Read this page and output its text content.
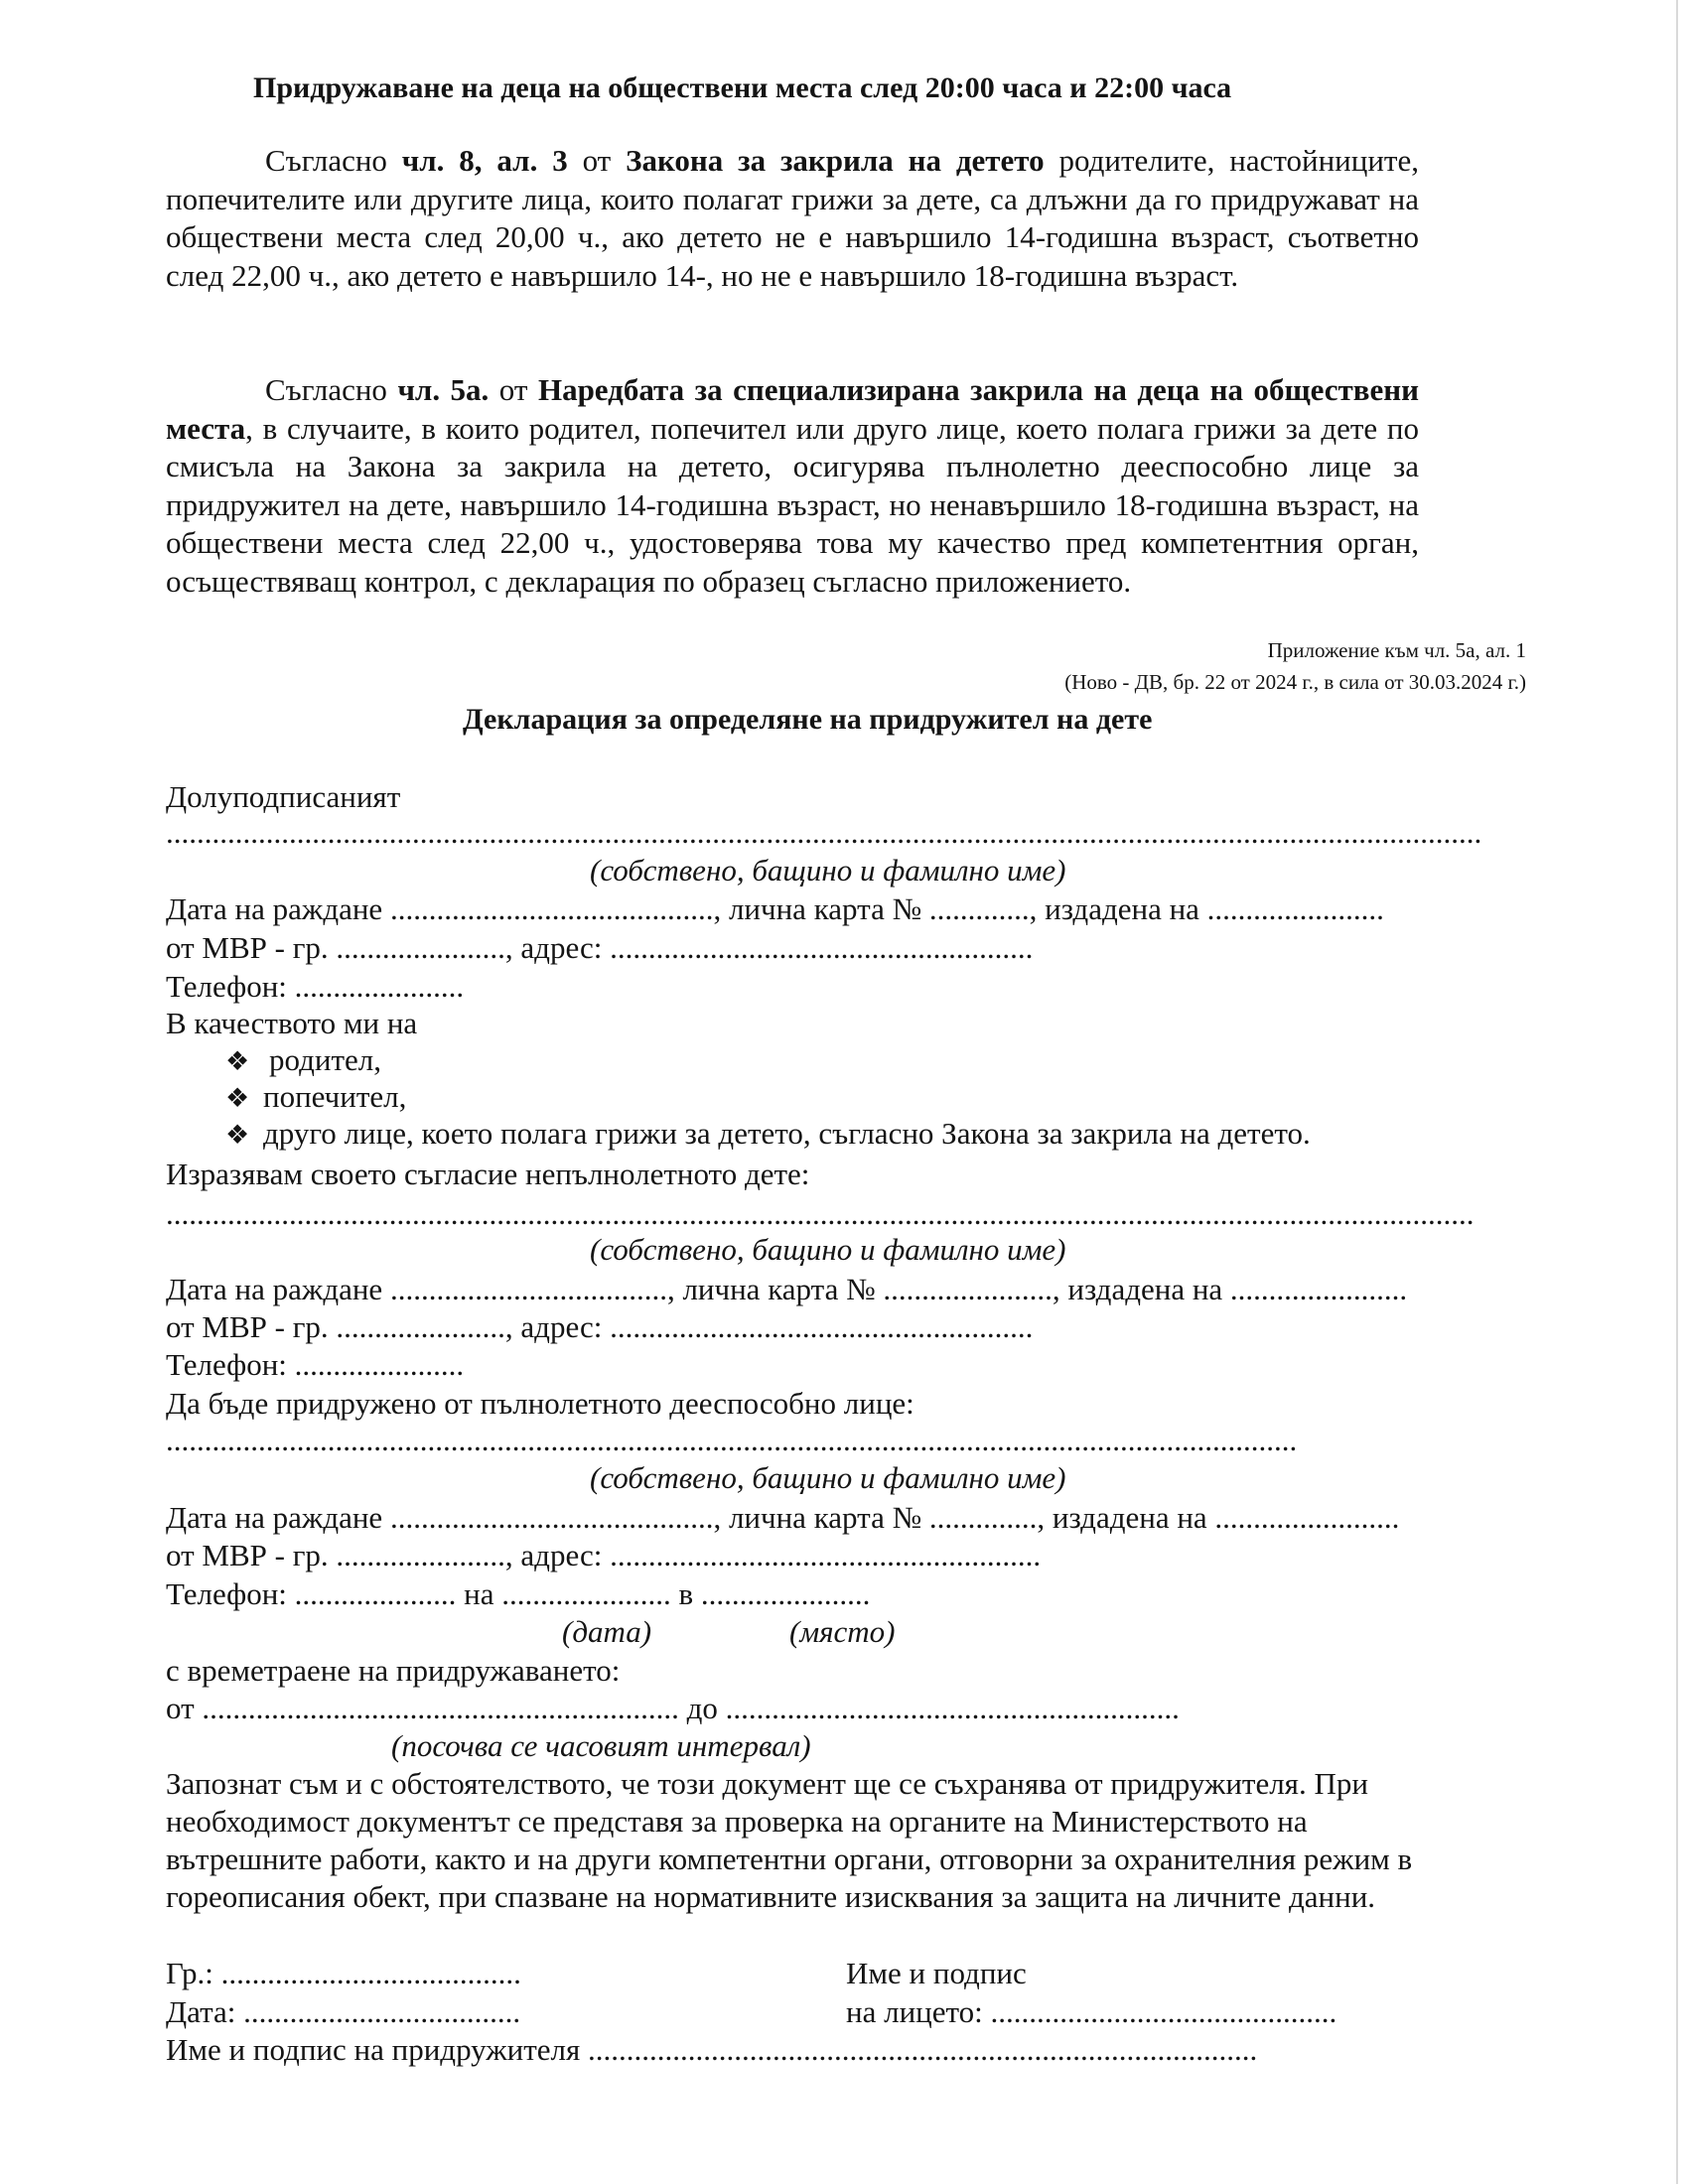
Придружаване на деца на обществени места след 20:00 часа и 22:00 часа
Съгласно чл. 8, ал. 3 от Закона за закрила на детето родителите, настойниците, попечителите или другите лица, които полагат грижи за дете, са длъжни да го придружават на обществени места след 20,00 ч., ако детето не е навършило 14-годишна възраст, съответно след 22,00 ч., ако детето е навършило 14-, но не е навършило 18-годишна възраст.
Съгласно чл. 5а. от Наредбата за специализирана закрила на деца на обществени места, в случаите, в които родител, попечител или друго лице, което полага грижи за дете по смисъла на Закона за закрила на детето, осигурява пълнолетно дееспособно лице за придружител на дете, навършило 14-годишна възраст, но ненавършило 18-годишна възраст, на обществени места след 22,00 ч., удостоверява това му качество пред компетентния орган, осъществяващ контрол, с декларация по образец съгласно приложението.
Приложение към чл. 5а, ал. 1
(Ново - ДВ, бр. 22 от 2024 г., в сила от 30.03.2024 г.)
Декларация за определяне на придружител на дете
Долуподписаният
...........................................................................................................................................................................
(собствено, бащино и фамилно име)
Дата на раждане .........................................., лична карта № ............., издадена на .......................
от МВР - гр. ......................, адрес: .......................................................
Телефон: ......................
В качеството ми на
❖ родител,
❖ попечител,
❖ друго лице, което полага грижи за детето, съгласно Закона за закрила на детето.
Изразявам своето съгласие непълнолетното дете:
..........................................................................................................................................................................
(собствено, бащино и фамилно име)
Дата на раждане ...................................., лична карта № ......................, издадена на .......................
от МВР - гр. ......................, адрес: .......................................................
Телефон: ......................
Да бъде придружено от пълнолетното дееспособно лице:
...................................................................................................................................................
(собствено, бащино и фамилно име)
Дата на раждане .........................................., лична карта № .............., издадена на ........................
от МВР - гр. ......................, адрес: ........................................................
Телефон: ..................... на ...................... в ......................
(дата)	(място)
с времетраене на придружаването:
от .............................................................. до ...........................................................
(посочва се часовият интервал)
Запознат съм и с обстоятелството, че този документ ще се съхранява от придружителя. При
необходимост документът се представя за проверка на органите на Министерството на
вътрешните работи, както и на други компетентни органи, отговорни за охранителния режим в
гореописания обект, при спазване на нормативните изисквания за защита на личните данни.
Гр.: .......................................
Дата: ....................................
Име и подпис
на лицето: .............................................
Име и подпис на придружителя .......................................................................................
